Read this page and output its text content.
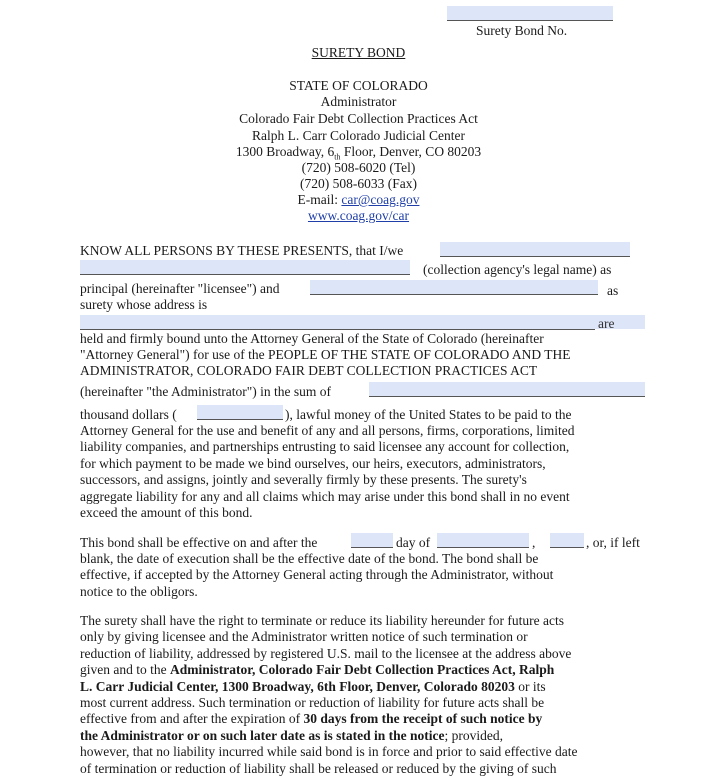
Surety Bond No.
SURETY BOND
STATE OF COLORADO
Administrator
Colorado Fair Debt Collection Practices Act
Ralph L. Carr Colorado Judicial Center
1300 Broadway, $6_{th}$ Floor, Denver, CO 80203
(720) 508-6020 (Tel)
(720) 508-6033 (Fax)
E-mail: car@coag.gov
www.coag.gov/car
KNOW ALL PERSONS BY THESE PRESENTS, that I/we
(collection agency's legal name) as
principal (hereinafter "licensee") and	as
surety whose address is
are
held and firmly bound unto the Attorney General of the State of Colorado (hereinafter
"Attorney General") for use of the PEOPLE OF THE STATE OF COLORADO AND THE
ADMINISTRATOR, COLORADO FAIR DEBT COLLECTION PRACTICES ACT
(hereinafter "the Administrator") in the sum of
thousand dollars (	), lawful money of the United States to be paid to the
Attorney General for the use and benefit of any and all persons, firms, corporations, limited
liability companies, and partnerships entrusting to said licensee any account for collection,
for which payment to be made we bind ourselves, our heirs, executors, administrators,
successors, and assigns, jointly and severally firmly by these presents. The surety's
aggregate liability for any and all claims which may arise under this bond shall in no event
exceed the amount of this bond.
This bond shall be effective on and after the	day of	,	, or, if left
blank, the date of execution shall be the effective date of the bond. The bond shall be
effective, if accepted by the Attorney General acting through the Administrator, without
notice to the obligors.
The surety shall have the right to terminate or reduce its liability hereunder for future acts
only by giving licensee and the Administrator written notice of such termination or
reduction of liability, addressed by registered U.S. mail to the licensee at the address above
given and to the Administrator, Colorado Fair Debt Collection Practices Act, Ralph
L. Carr Judicial Center, 1300 Broadway, 6th Floor, Denver, Colorado 80203 or its
most current address. Such termination or reduction of liability for future acts shall be
effective from and after the expiration of 30 days from the receipt of such notice by
the Administrator or on such later date as is stated in the notice; provided,
however, that no liability incurred while said bond is in force and prior to said effective date
of termination or reduction of liability shall be released or reduced by the giving of such
